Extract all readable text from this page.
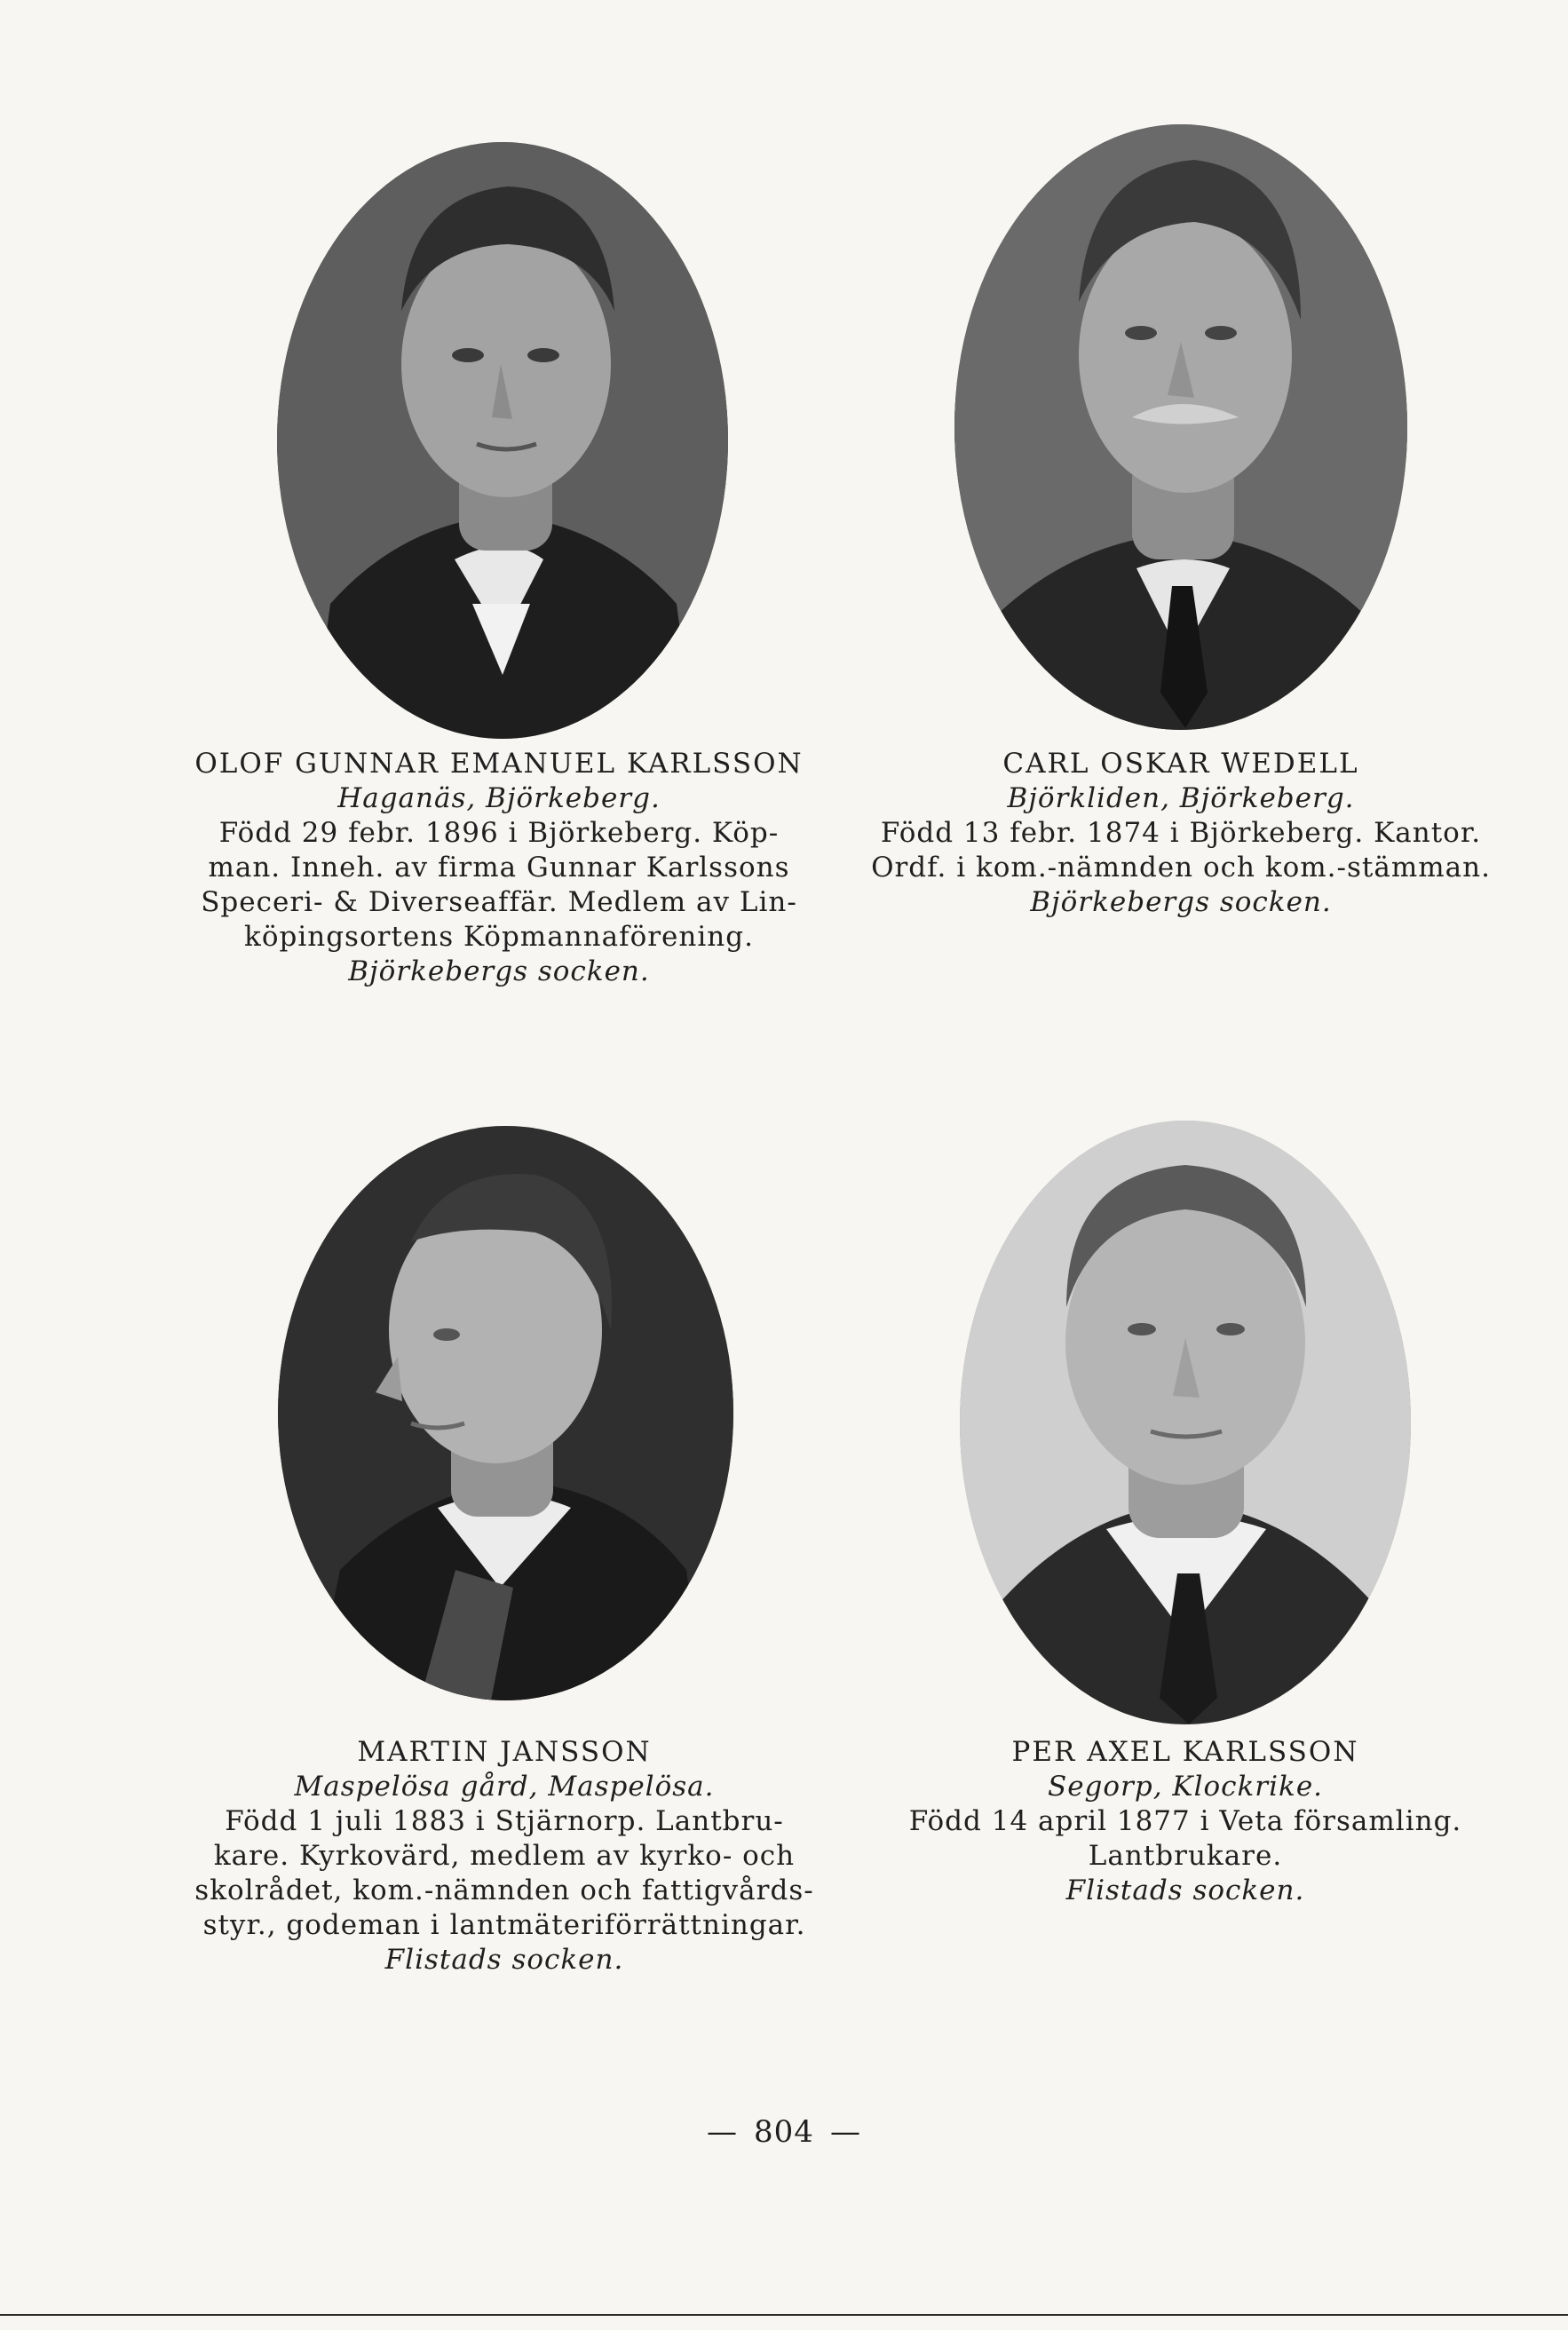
OLOF GUNNAR EMANUEL KARLSSON
Haganäs, Björkeberg.
Född 29 febr. 1896 i Björkeberg. Köp-
man. Inneh. av firma Gunnar Karlssons
Speceri- & Diverseaffär. Medlem av Lin-
köpingsortens Köpmannaförening.
Björkebergs socken.
CARL OSKAR WEDELL
Björkliden, Björkeberg.
Född 13 febr. 1874 i Björkeberg. Kantor.
Ordf. i kom.-nämnden och kom.-stämman.
Björkebergs socken.
MARTIN JANSSON
Maspelösa gård, Maspelösa.
Född 1 juli 1883 i Stjärnorp. Lantbru-
kare. Kyrkovärd, medlem av kyrko- och
skolrådet, kom.-nämnden och fattigvårds-
styr., godeman i lantmäteriförrättningar.
Flistads socken.
PER AXEL KARLSSON
Segorp, Klockrike.
Född 14 april 1877 i Veta församling.
Lantbrukare.
Flistads socken.
— 804 —
